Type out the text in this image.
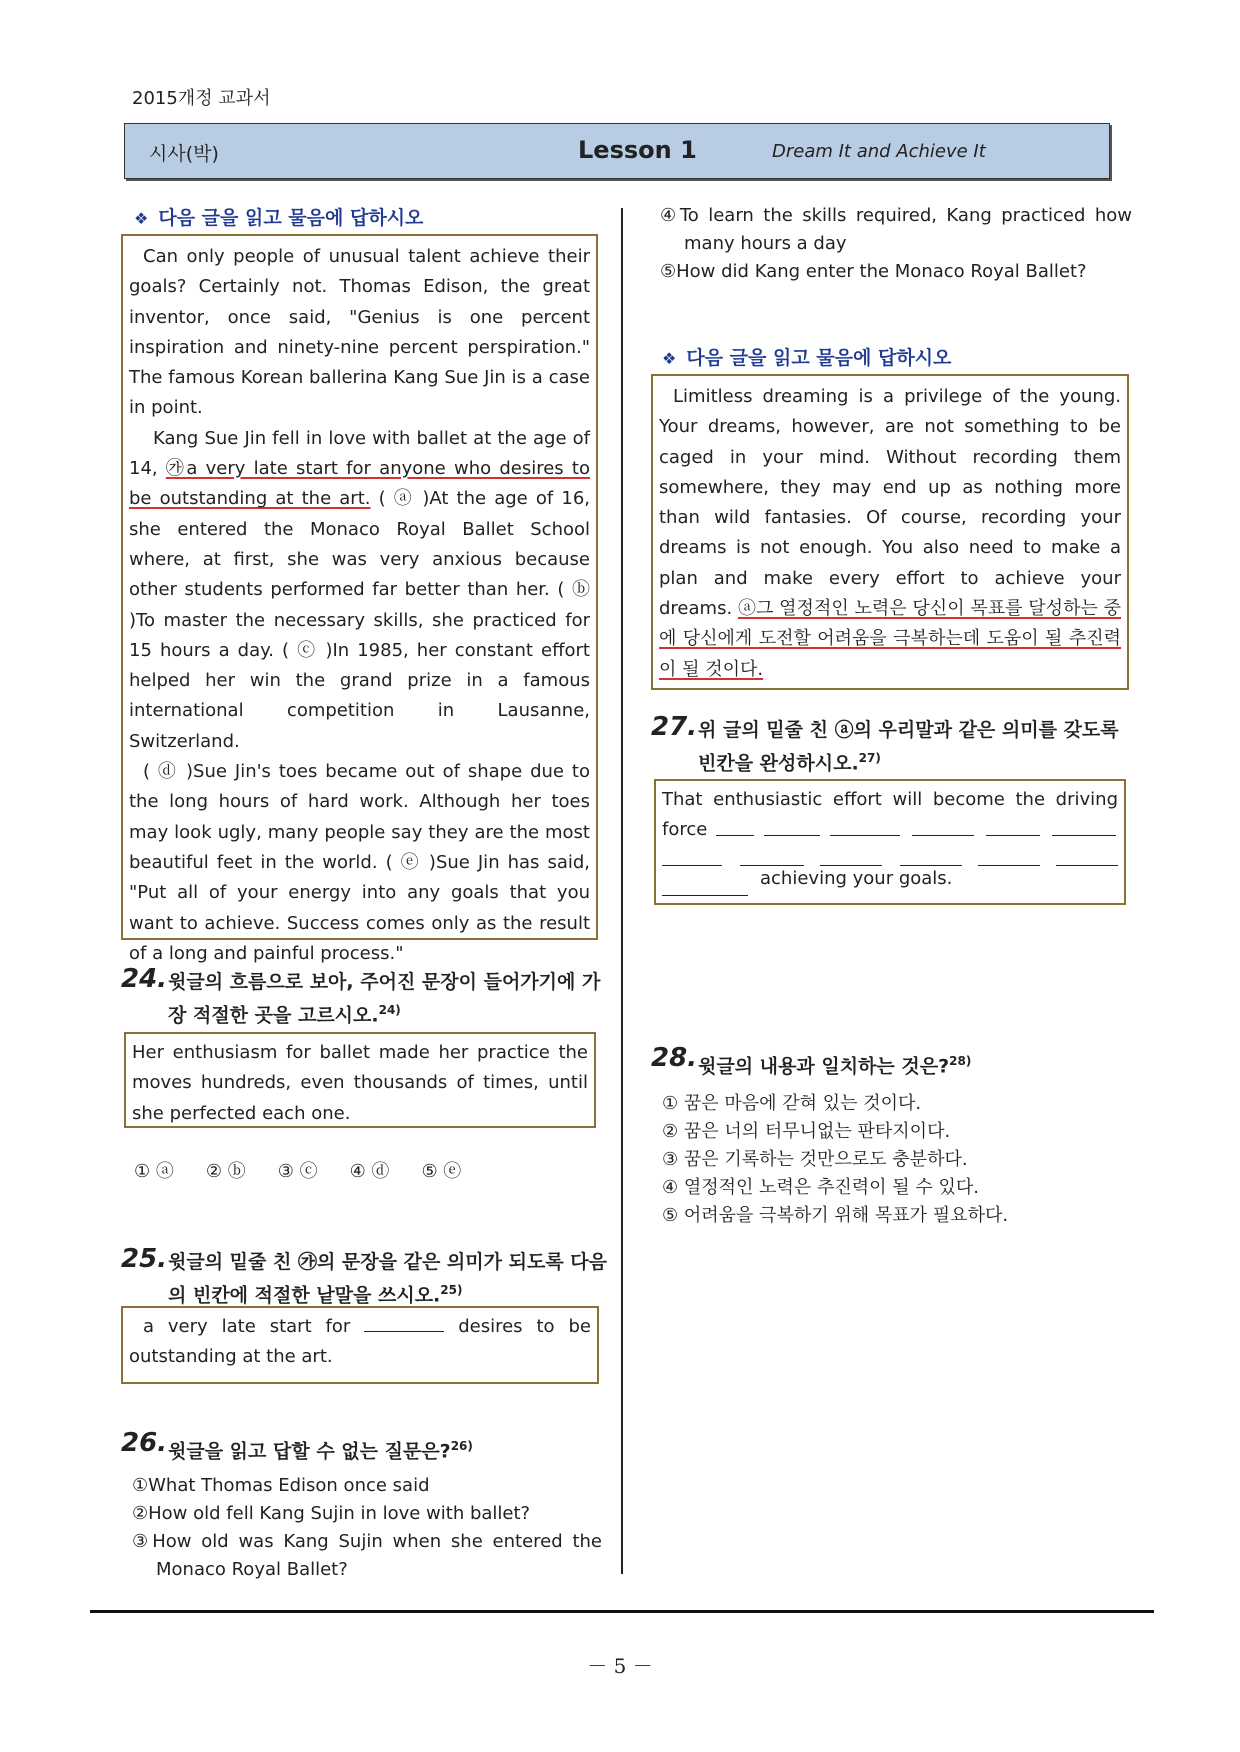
2015개정 교과서
시사(박)	Lesson 1	Dream It and Achieve It
❖ 다음 글을 읽고 물음에 답하시오
Can only people of unusual talent achieve their goals? Certainly not. Thomas Edison, the great inventor, once said, "Genius is one percent inspiration and ninety-nine percent perspiration." The famous Korean ballerina Kang Sue Jin is a case in point.
Kang Sue Jin fell in love with ballet at the age of 14, ㉮a very late start for anyone who desires to be outstanding at the art. ( ⓐ )At the age of 16, she entered the Monaco Royal Ballet School where, at first, she was very anxious because other students performed far better than her. ( ⓑ )To master the necessary skills, she practiced for 15 hours a day. ( ⓒ )In 1985, her constant effort helped her win the grand prize in a famous international competition in Lausanne, Switzerland.
( ⓓ )Sue Jin's toes became out of shape due to the long hours of hard work. Although her toes may look ugly, many people say they are the most beautiful feet in the world. ( ⓔ )Sue Jin has said, "Put all of your energy into any goals that you want to achieve. Success comes only as the result of a long and painful process."
24. 윗글의 흐름으로 보아, 주어진 문장이 들어가기에 가장 적절한 곳을 고르시오.$^{24)}$
Her enthusiasm for ballet made her practice the moves hundreds, even thousands of times, until she perfected each one.
① ⓐ ② ⓑ ③ ⓒ ④ ⓓ ⑤ ⓔ
25. 윗글의 밑줄 친 ㉮의 문장을 같은 의미가 되도록 다음의 빈칸에 적절한 낱말을 쓰시오.$^{25)}$
a very late start for	desires to be outstanding at the art.
26. 윗글을 읽고 답할 수 없는 질문은?$^{26)}$
①What Thomas Edison once said
②How old fell Kang Sujin in love with ballet?
③How old was Kang Sujin when she entered the Monaco Royal Ballet?
④To learn the skills required, Kang practiced how many hours a day
⑤How did Kang enter the Monaco Royal Ballet?
❖ 다음 글을 읽고 물음에 답하시오
Limitless dreaming is a privilege of the young. Your dreams, however, are not something to be caged in your mind. Without recording them somewhere, they may end up as nothing more than wild fantasies. Of course, recording your dreams is not enough. You also need to make a plan and make every effort to achieve your dreams. ⓐ그 열정적인 노력은 당신이 목표를 달성하는 중에 당신에게 도전할 어려움을 극복하는데 도움이 될 추진력이 될 것이다.
27. 위 글의 밑줄 친 ⓐ의 우리말과 같은 의미를 갖도록 빈칸을 완성하시오.$^{27)}$
That enthusiastic effort will become the driving force
achieving your goals.
28. 윗글의 내용과 일치하는 것은?$^{28)}$
① 꿈은 마음에 갇혀 있는 것이다.
② 꿈은 너의 터무니없는 판타지이다.
③ 꿈은 기록하는 것만으로도 충분하다.
④ 열정적인 노력은 추진력이 될 수 있다.
⑤ 어려움을 극복하기 위해 목표가 필요하다.
－ 5 －
